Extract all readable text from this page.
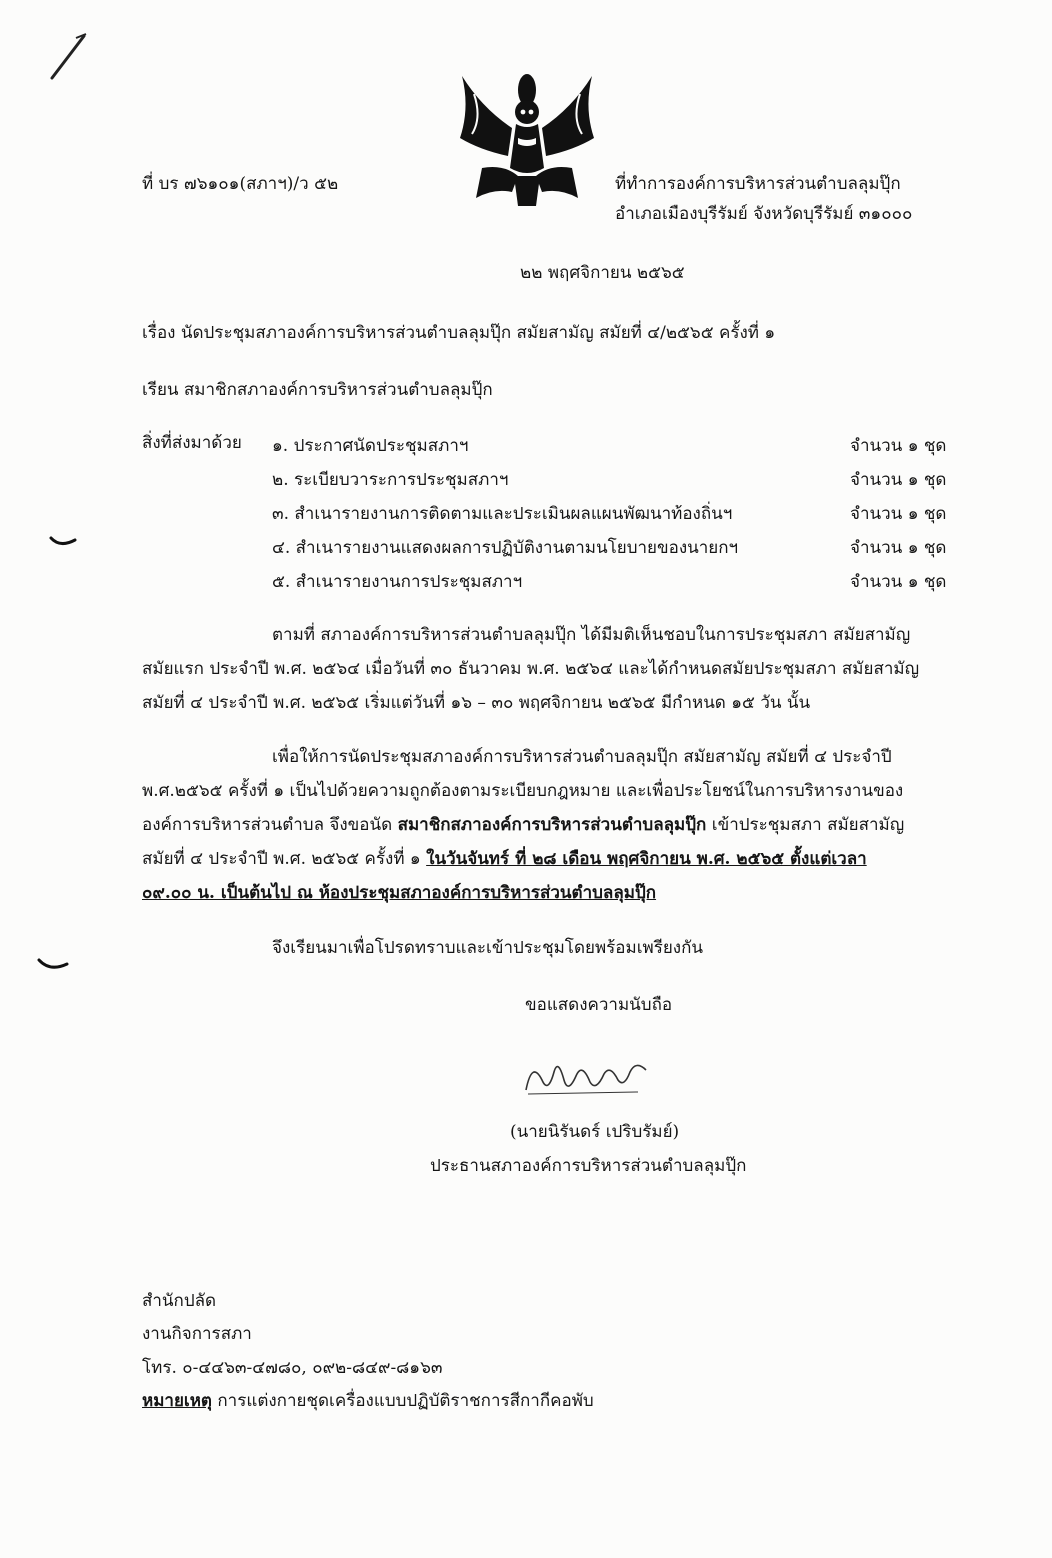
ที่ บร ๗๖๑๐๑(สภาฯ)/ว ๕๒	ที่ทำการองค์การบริหารส่วนตำบลลุมปุ๊ก
อำเภอเมืองบุรีรัมย์ จังหวัดบุรีรัมย์ ๓๑๐๐๐
๒๒ พฤศจิกายน ๒๕๖๕
เรื่อง นัดประชุมสภาองค์การบริหารส่วนตำบลลุมปุ๊ก สมัยสามัญ สมัยที่ ๔/๒๕๖๕ ครั้งที่ ๑
เรียน สมาชิกสภาองค์การบริหารส่วนตำบลลุมปุ๊ก
สิ่งที่ส่งมาด้วย ๑. ประกาศนัดประชุมสภาฯ	จำนวน ๑ ชุด
๒. ระเบียบวาระการประชุมสภาฯ	จำนวน ๑ ชุด
๓. สำเนารายงานการติดตามและประเมินผลแผนพัฒนาท้องถิ่นฯ	จำนวน ๑ ชุด
๔. สำเนารายงานแสดงผลการปฏิบัติงานตามนโยบายของนายกฯ	จำนวน ๑ ชุด
๕. สำเนารายงานการประชุมสภาฯ	จำนวน ๑ ชุด
ตามที่ สภาองค์การบริหารส่วนตำบลลุมปุ๊ก ได้มีมติเห็นชอบในการประชุมสภา สมัยสามัญ
สมัยแรก ประจำปี พ.ศ. ๒๕๖๔ เมื่อวันที่ ๓๐ ธันวาคม พ.ศ. ๒๕๖๔ และได้กำหนดสมัยประชุมสภา สมัยสามัญ
สมัยที่ ๔ ประจำปี พ.ศ. ๒๕๖๕ เริ่มแต่วันที่ ๑๖ – ๓๐ พฤศจิกายน ๒๕๖๕ มีกำหนด ๑๕ วัน นั้น
เพื่อให้การนัดประชุมสภาองค์การบริหารส่วนตำบลลุมปุ๊ก สมัยสามัญ สมัยที่ ๔ ประจำปี
พ.ศ.๒๕๖๕ ครั้งที่ ๑ เป็นไปด้วยความถูกต้องตามระเบียบกฎหมาย และเพื่อประโยชน์ในการบริหารงานของ
องค์การบริหารส่วนตำบล จึงขอนัด สมาชิกสภาองค์การบริหารส่วนตำบลลุมปุ๊ก เข้าประชุมสภา สมัยสามัญ
สมัยที่ ๔ ประจำปี พ.ศ. ๒๕๖๕ ครั้งที่ ๑ ในวันจันทร์ ที่ ๒๘ เดือน พฤศจิกายน พ.ศ. ๒๕๖๕ ตั้งแต่เวลา
๐๙.๐๐ น. เป็นต้นไป ณ ห้องประชุมสภาองค์การบริหารส่วนตำบลลุมปุ๊ก
จึงเรียนมาเพื่อโปรดทราบและเข้าประชุมโดยพร้อมเพรียงกัน
ขอแสดงความนับถือ
(นายนิรันดร์ เปริบรัมย์)
ประธานสภาองค์การบริหารส่วนตำบลลุมปุ๊ก
สำนักปลัด
งานกิจการสภา
โทร. ๐-๔๔๖๓-๔๗๘๐, ๐๙๒-๘๔๙-๘๑๖๓
หมายเหตุ การแต่งกายชุดเครื่องแบบปฏิบัติราชการสีกากีคอพับ
